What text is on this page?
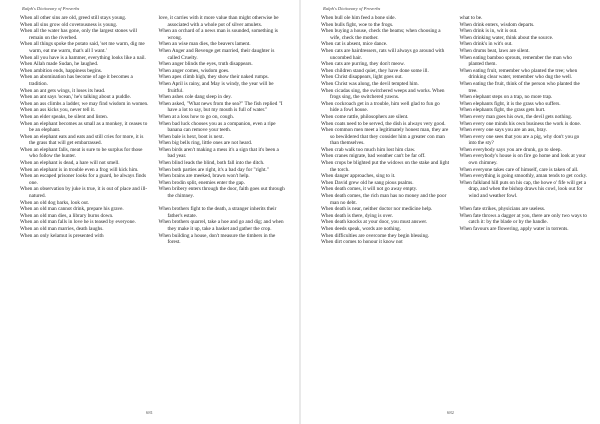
Ralph's Dictionary of Proverbs

When all other sins are old, greed still stays young.

When all sins grow old covetousness is young.

When all the water has gone, only the largest stones will remain on the riverbed.

When all things spoke the potato said, 'set me warm, dig me warm, eat me warm, that's all I want.'

When all you have is a hammer, everything looks like a nail.

When Allah made Sudan, he laughed.

When ambition ends, happiness begins.

When an abomination has become of age it becomes a tradition.

When an ant gets wings, it loses its head.

When an ant says 'ocean,' he's talking about a puddle.

When an ass climbs a ladder, we may find wisdom in women.

When an ass kicks you, never tell it.

When an elder speaks, be silent and listen.

When an elephant becomes as small as a monkey, it ceases to be an elephant.

When an elephant eats and eats and still cries for more, it is the grass that will get embarrassed.

When an elephant falls, meat is sure to be surplus for those who follow the hunter.

When an elephant is dead, a hare will not smell.

When an elephant is in trouble even a frog will kick him.

When an escaped prisoner looks for a guard, he always finds one.

When an observation by juke is true, it is out of place and ill-natured.

When an old dog barks, look out.

When an old man cannot drink, prepare his grave.

When an old man dies, a library burns down.

When an old man falls in love he is teased by everyone.

When an old man marries, death laughs.

When an only kelamut is presented with

love, it carries with it more value than might otherwise be associated with a whole pot of silver amulets.

When an orchard of a news man is sounded, something is wrong.

When an wise man dies, the beavers lament.

When Anger and Revenge get married, their daughter is called Cruelty.

When anger blinds the eyes, truth disappears.

When anger comes, wisdom goes.

When apes climb high, they show their naked rumps.

When April is rainy, and May is windy, the year will be fruitful.

When ashes cole dang sleep in dey.

When asked, "What news from the sea?" The fish replied "I have a lot to say, but my mouth is full of water."

When at a loss how to go on, cough.

When bad luck chooses you as a companion, even a ripe banana can remove your teeth.

When bale is hext, boot is next.

When big bells ring, little ones are not heard.

When birds aren't making a mess it's a sign that it's been a bad year.

When blind leads the blind, both fall into the ditch.

When both parties are right, it's a bad day for "right."

When brains are meeked, brawn won't help.

When brodin split, enemies enter the gap.

When bribery enters through the door, faith goes out through the chimney.

When brothers fight to the death, a stranger inherits their father's estate.

When brothers quarrel, take a hoe and go and dig; and when they make it up, take a basket and gather the crop.

When building a house, don't measure the timbers in the forest.

681
Ralph's Dictionary of Proverbs

When bull ole him feed a bone side.

When bulls fight, woe to the frogs.

When buying a house, check the beams; when choosing a wife, check the mother.

When cat is absent, mice dance.

When cats are hairdressers, rats will always go around with uncombed hair.

When cats are purring, they don't meow.

When children stand quiet, they have done some ill.

When Christ disappears, light goes out.

When Christ was along, the devil tempted him.

When cicadas sing, the switchered weeps and works. When frogs sing, the switchered yawns.

When cockroach get in a trouble, him well glad to fun go hide a fowl house.

When come rattle, philosophers are silent.

When coats need to be served, the dish is always very good.

When common men meet a legitimately honest man, they are so bewildered that they consider him a greater con man than themselves.

When crab walk too much him lost him claw.

When cranes migrate, bad weather can't be far off.

When crops be blighted put the widows on the stake and light the torch.

When danger approaches, sing to it.

When David grew old he sang pious psalms.

When death comes, it will not go away empty.

When death comes, the rich man has no money and the poor man no debt.

When death is near, neither doctor nor medicine help.

When death is there, dying is over.

When death knocks at your door, you must answer.

When deeds speak, words are nothing.

When difficulties are overcome they begin blessing.

When dirt comes to honour it know not

what to be.

When drink enters, wisdom departs.

When drink is in, wit is out.

When drinking water, think about the source.

When drink's in wit's out.

When drums beat, laws are silent.

When eating bamboo sprouts, remember the man who planted them.

When eating fruit, remember who planted the tree; when drinking clear water, remember who dug the well.

When eating the fruit, think of the person who planted the tree.

When elephant steps on a trap, no more trap.

When elephants fight, it is the grass who suffers.

When elephants fight, the grass gets hurt.

When every man goes his own, the devil gets nothing.

When every one minds his own business the work is done.

When every one says you are an ass, bray.

When every one sees that you are a pig, why don't you go into the sty?

When everybody says you are drunk, go to sleep.

When everybody's house is on fire go home and look at your own chimney.

When everyone takes care of himself, care is taken of all.

When everything is going smoothly, aman tends to get cocky.

When falkland hill puts on his cap, the howe o' fife will get a drap, and when the bishop draws his cowl, look out for wind and weather fowl.

When fate strikes, physicians are useless.

When fate throws a dagger at you, there are only two ways to catch it: by the blade or by the handle.

When favours are flowering, apply water in torrents.

682
